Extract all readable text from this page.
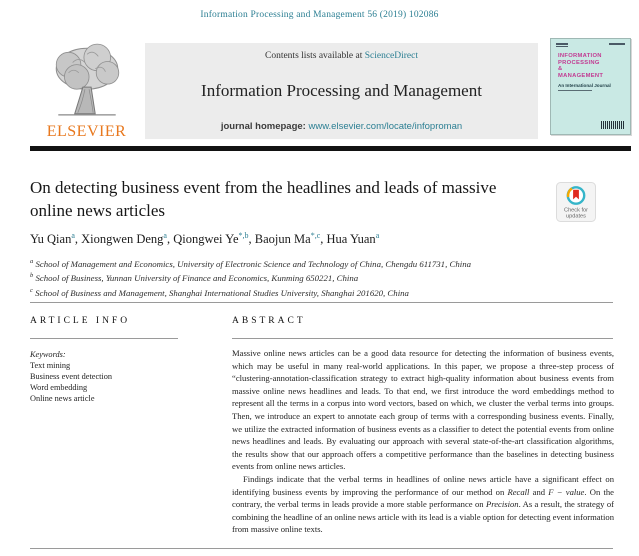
Information Processing and Management 56 (2019) 102086
ELSEVIER
Contents lists available at ScienceDirect
Information Processing and Management
journal homepage: www.elsevier.com/locate/infoproman
INFORMATION
PROCESSING
&
MANAGEMENT
An International Journal
On detecting business event from the headlines and leads of massive online news articles	Check for
updates
Yu Qian$^a$, Xiongwen Deng$^a$, Qiongwei $Ye^{*,b}$, Baojun $Ma^{*,c}$, Hua Yuan$^a$
$^a$ School of Management and Economics, University of Electronic Science and Technology of China, Chengdu 611731, China
$^b$ School of Business, Yunnan University of Finance and Economics, Kunming 650221, China
$^c$ School of Business and Management, Shanghai International Studies University, Shanghai 201620, China
ARTICLE INFO	ABSTRACT
Keywords:
Text mining
Business event detection
Word embedding
Online news article

Massive online news articles can be a good data resource for detecting the information of business events, which may be useful in many real-world applications. In this paper, we propose a three-step process of “clustering-annotation-classification strategy to extract high-quality information about business events from massive online news headlines and leads. To that end, we first introduce the word embeddings method to represent all the terms in a corpus into word vectors, based on which, we cluster the verbal terms into groups. Then, we introduce an expert to annotate each group of terms with a corresponding business events. Finally, we utilize the extracted information of business events as a classifier to detect the potential events from online news headlines and leads. By evaluating our approach with several state-of-the-art classification algorithms, the results show that our approach offers a competitive performance than the baselines in detecting business events from online news articles.

Findings indicate that the verbal terms in headlines of online news article have a significant effect on identifying business events by improving the performance of our method on Recall and F − value. On the contrary, the verbal terms in leads provide a more stable performance on Precision. As a result, the strategy of combining the headline of an online news article with its lead is a viable option for detecting event information from massive online texts.
